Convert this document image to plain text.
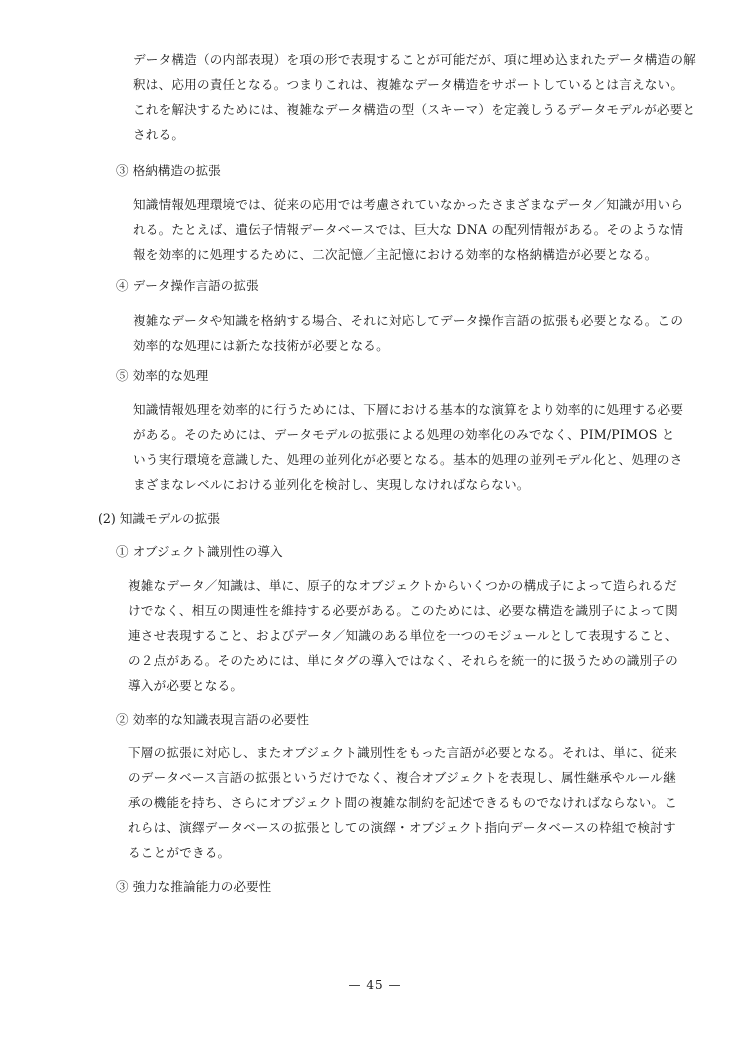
データ構造（の内部表現）を項の形で表現することが可能だが、項に埋め込まれたデータ構造の解
釈は、応用の責任となる。つまりこれは、複雑なデータ構造をサポートしているとは言えない。
これを解決するためには、複雑なデータ構造の型（スキーマ）を定義しうるデータモデルが必要と
される。
③ 格納構造の拡張
知識情報処理環境では、従来の応用では考慮されていなかったさまざまなデータ／知識が用いら
れる。たとえば、遺伝子情報データベースでは、巨大な DNA の配列情報がある。そのような情
報を効率的に処理するために、二次記憶／主記憶における効率的な格納構造が必要となる。
④ データ操作言語の拡張
複雑なデータや知識を格納する場合、それに対応してデータ操作言語の拡張も必要となる。この
効率的な処理には新たな技術が必要となる。
⑤ 効率的な処理
知識情報処理を効率的に行うためには、下層における基本的な演算をより効率的に処理する必要
がある。そのためには、データモデルの拡張による処理の効率化のみでなく、PIM/PIMOS と
いう実行環境を意識した、処理の並列化が必要となる。基本的処理の並列モデル化と、処理のさ
まざまなレベルにおける並列化を検討し、実現しなければならない。
(2) 知識モデルの拡張
① オブジェクト識別性の導入
複雑なデータ／知識は、単に、原子的なオブジェクトからいくつかの構成子によって造られるだ
けでなく、相互の関連性を維持する必要がある。このためには、必要な構造を識別子によって関
連させ表現すること、およびデータ／知識のある単位を一つのモジュールとして表現すること、
の２点がある。そのためには、単にタグの導入ではなく、それらを統一的に扱うための識別子の
導入が必要となる。
② 効率的な知識表現言語の必要性
下層の拡張に対応し、またオブジェクト識別性をもった言語が必要となる。それは、単に、従来
のデータベース言語の拡張というだけでなく、複合オブジェクトを表現し、属性継承やルール継
承の機能を持ち、さらにオブジェクト間の複雑な制約を記述できるものでなければならない。こ
れらは、演繹データベースの拡張としての演繹・オブジェクト指向データベースの枠組で検討す
ることができる。
③ 強力な推論能力の必要性
— 45 —
